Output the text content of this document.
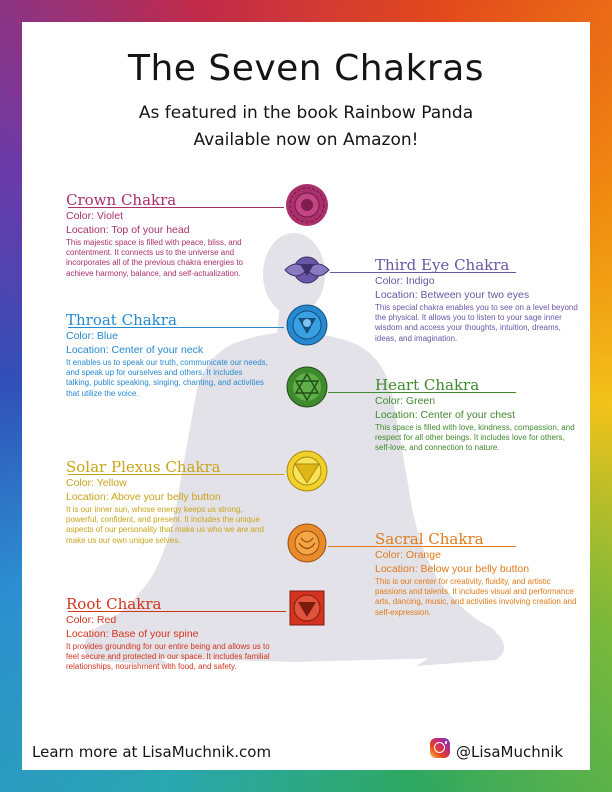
The Seven Chakras
As featured in the book Rainbow Panda
Available now on Amazon!
Crown Chakra
Color: Violet
Location: Top of your head
This majestic space is filled with peace, bliss, and contentment. It connects us to the universe and incorporates all of the previous chakra energies to achieve harmony, balance, and self-actualization.	Third Eye Chakra
Color: Indigo
Location: Between your two eyes
This special chakra enables you to see on a level beyond the physical. It allows you to listen to your sage inner wisdom and access your thoughts, intuition, dreams, ideas, and imagination.
Throat Chakra
Color: Blue
Location: Center of your neck
It enables us to speak our truth, communicate our needs, and speak up for ourselves and others. It includes talking, public speaking, singing, chanting, and activities that utilize the voice.	Heart Chakra
Color: Green
Location: Center of your chest
This space is filled with love, kindness, compassion, and respect for all other beings. It includes love for others, self-love, and connection to nature.
Solar Plexus Chakra
Color: Yellow
Location: Above your belly button
It is our inner sun, whose energy keeps us strong, powerful, confident, and present. It includes the unique aspects of our personality that make us who we are and make us our own unique selves.	Sacral Chakra
Color: Orange
Location: Below your belly button
This is our center for creativity, fluidity, and artistic passions and talents. It includes visual and performance arts, dancing, music, and activities involving creation and self-expression.
Root Chakra
Color: Red
Location: Base of your spine
It provides grounding for our entire being and allows us to feel secure and protected in our space. It includes familial relationships, nourishment with food, and safety.
Learn more at LisaMuchnik.com	@LisaMuchnik
